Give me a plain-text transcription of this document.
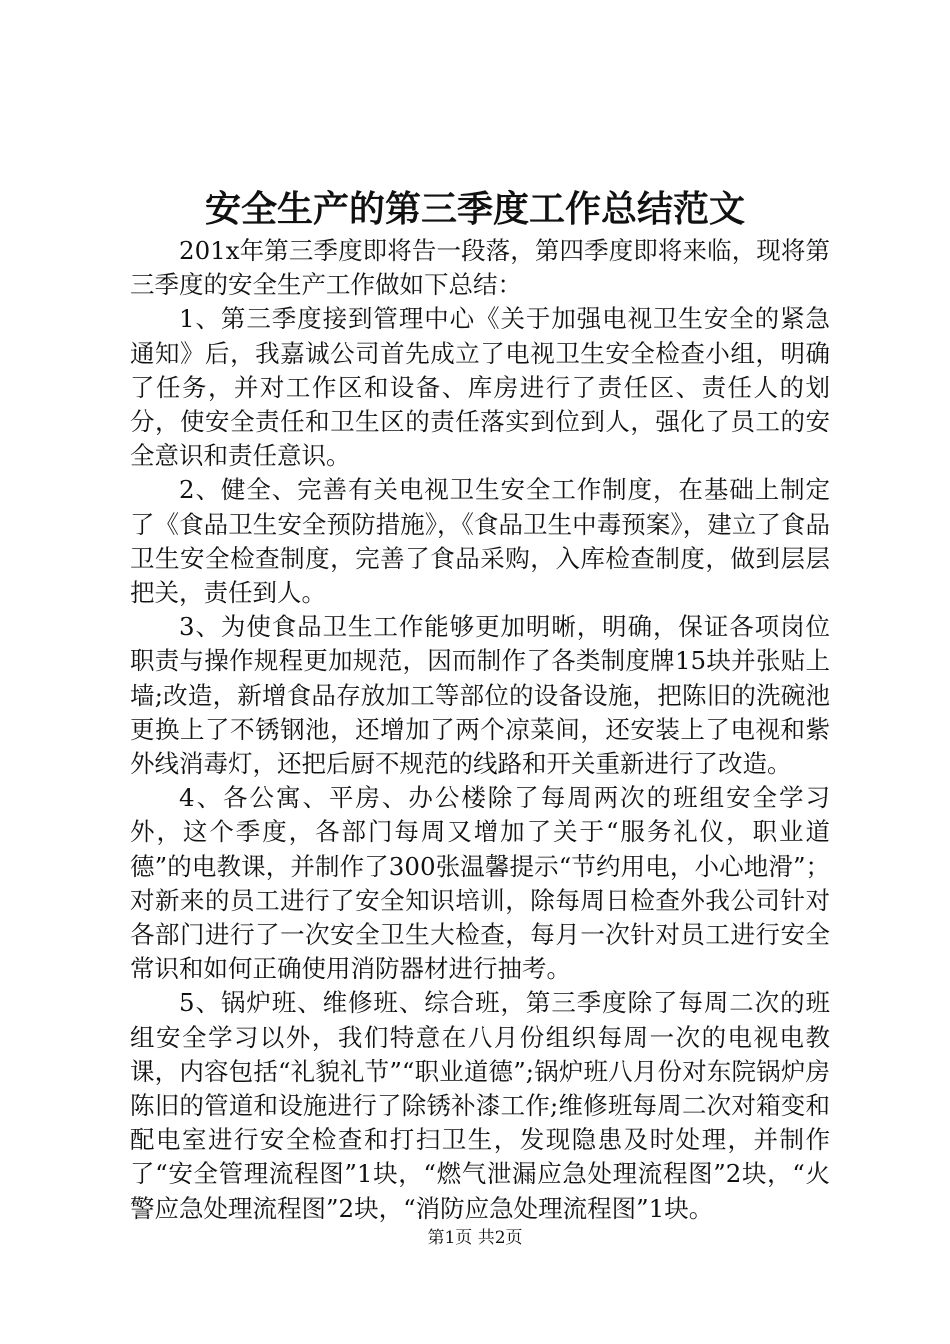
安全生产的第三季度工作总结范文

201x年第三季度即将告一段落，第四季度即将来临，现将第三季度的安全生产工作做如下总结：

1、第三季度接到管理中心《关于加强电视卫生安全的紧急通知》后，我嘉诚公司首先成立了电视卫生安全检查小组，明确了任务，并对工作区和设备、库房进行了责任区、责任人的划分，使安全责任和卫生区的责任落实到位到人，强化了员工的安全意识和责任意识。

2、健全、完善有关电视卫生安全工作制度，在基础上制定了《食品卫生安全预防措施》，《食品卫生中毒预案》，建立了食品卫生安全检查制度，完善了食品采购，入库检查制度，做到层层把关，责任到人。

3、为使食品卫生工作能够更加明晰，明确，保证各项岗位职责与操作规程更加规范，因而制作了各类制度牌15块并张贴上墙;改造，新增食品存放加工等部位的设备设施，把陈旧的洗碗池更换上了不锈钢池，还增加了两个凉菜间，还安装上了电视和紫外线消毒灯，还把后厨不规范的线路和开关重新进行了改造。

4、各公寓、平房、办公楼除了每周两次的班组安全学习外，这个季度，各部门每周又增加了关于“服务礼仪，职业道德”的电教课，并制作了300张温馨提示“节约用电，小心地滑”；对新来的员工进行了安全知识培训，除每周日检查外我公司针对各部门进行了一次安全卫生大检查，每月一次针对员工进行安全常识和如何正确使用消防器材进行抽考。

5、锅炉班、维修班、综合班，第三季度除了每周二次的班组安全学习以外，我们特意在八月份组织每周一次的电视电教课，内容包括“礼貌礼节”“职业道德”;锅炉班八月份对东院锅炉房陈旧的管道和设施进行了除锈补漆工作;维修班每周二次对箱变和配电室进行安全检查和打扫卫生，发现隐患及时处理，并制作了“安全管理流程图”1块，“燃气泄漏应急处理流程图”2块，“火警应急处理流程图”2块，“消防应急处理流程图”1块。

第1页 共2页
